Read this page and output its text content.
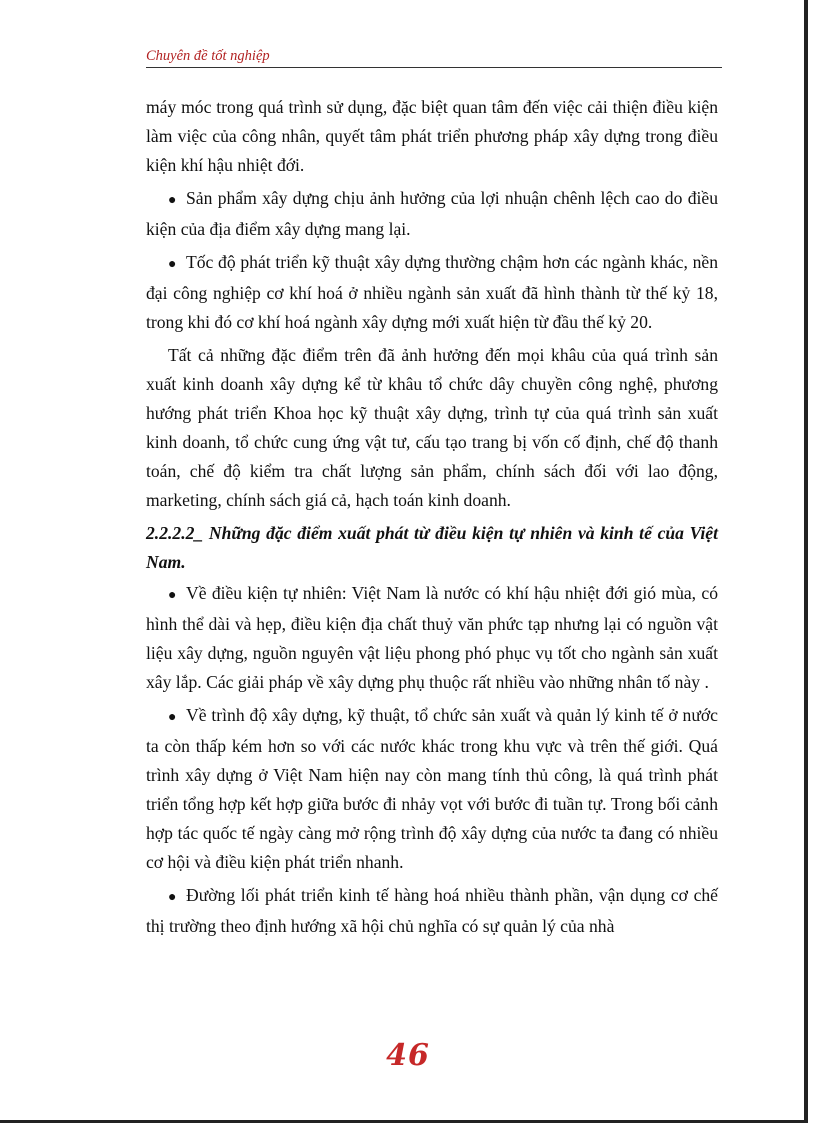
Chuyên đề tốt nghiệp

máy móc trong quá trình sử dụng, đặc biệt quan tâm đến việc cải thiện điều kiện làm việc của công nhân, quyết tâm phát triển phương pháp xây dựng trong điều kiện khí hậu nhiệt đới.

● Sản phẩm xây dựng chịu ảnh hưởng của lợi nhuận chênh lệch cao do điều kiện của địa điểm xây dựng mang lại.

● Tốc độ phát triển kỹ thuật xây dựng thường chậm hơn các ngành khác, nền đại công nghiệp cơ khí hoá ở nhiều ngành sản xuất đã hình thành từ thế kỷ 18, trong khi đó cơ khí hoá ngành xây dựng mới xuất hiện từ đầu thế kỷ 20.

Tất cả những đặc điểm trên đã ảnh hưởng đến mọi khâu của quá trình sản xuất kinh doanh xây dựng kể từ khâu tổ chức dây chuyền công nghệ, phương hướng phát triển Khoa học kỹ thuật xây dựng, trình tự của quá trình sản xuất kinh doanh, tổ chức cung ứng vật tư, cấu tạo trang bị vốn cố định, chế độ thanh toán, chế độ kiểm tra chất lượng sản phẩm, chính sách đối với lao động, marketing, chính sách giá cả, hạch toán kinh doanh.

2.2.2.2_ Những đặc điểm xuất phát từ điều kiện tự nhiên và kinh tế của Việt Nam.

● Về điều kiện tự nhiên: Việt Nam là nước có khí hậu nhiệt đới gió mùa, có hình thể dài và hẹp, điều kiện địa chất thuỷ văn phức tạp nhưng lại có nguồn vật liệu xây dựng, nguồn nguyên vật liệu phong phó phục vụ tốt cho ngành sản xuất xây lắp. Các giải pháp về xây dựng phụ thuộc rất nhiều vào những nhân tố này .

● Về trình độ xây dựng, kỹ thuật, tổ chức sản xuất và quản lý kinh tế ở nước ta còn thấp kém hơn so với các nước khác trong khu vực và trên thế giới. Quá trình xây dựng ở Việt Nam hiện nay còn mang tính thủ công, là quá trình phát triển tổng hợp kết hợp giữa bước đi nhảy vọt với bước đi tuần tự. Trong bối cảnh hợp tác quốc tế ngày càng mở rộng trình độ xây dựng của nước ta đang có nhiều cơ hội và điều kiện phát triển nhanh.

● Đường lối phát triển kinh tế hàng hoá nhiều thành phần, vận dụng cơ chế thị trường theo định hướng xã hội chủ nghĩa có sự quản lý của nhà

46
